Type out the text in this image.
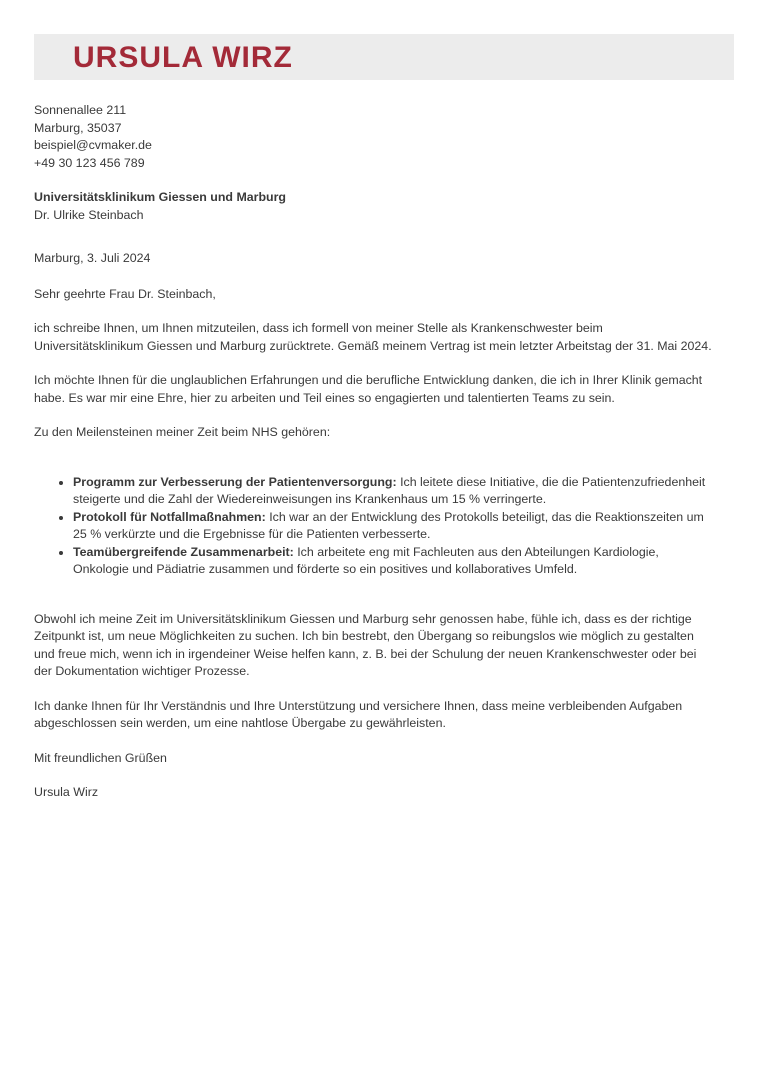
URSULA WIRZ

Sonnenallee 211

Marburg, 35037

beispiel@cvmaker.de

+49 30 123 456 789

Universitätsklinikum Giessen und Marburg

Dr. Ulrike Steinbach

Marburg, 3. Juli 2024

Sehr geehrte Frau Dr. Steinbach,

ich schreibe Ihnen, um Ihnen mitzuteilen, dass ich formell von meiner Stelle als Krankenschwester beim Universitätsklinikum Giessen und Marburg zurücktrete. Gemäß meinem Vertrag ist mein letzter Arbeitstag der 31. Mai 2024.

Ich möchte Ihnen für die unglaublichen Erfahrungen und die berufliche Entwicklung danken, die ich in Ihrer Klinik gemacht habe. Es war mir eine Ehre, hier zu arbeiten und Teil eines so engagierten und talentierten Teams zu sein.

Zu den Meilensteinen meiner Zeit beim NHS gehören:

• Programm zur Verbesserung der Patientenversorgung: Ich leitete diese Initiative, die die Patientenzufriedenheit steigerte und die Zahl der Wiedereinweisungen ins Krankenhaus um 15 % verringerte.
• Protokoll für Notfallmaßnahmen: Ich war an der Entwicklung des Protokolls beteiligt, das die Reaktionszeiten um 25 % verkürzte und die Ergebnisse für die Patienten verbesserte.
• Teamübergreifende Zusammenarbeit: Ich arbeitete eng mit Fachleuten aus den Abteilungen Kardiologie, Onkologie und Pädiatrie zusammen und förderte so ein positives und kollaboratives Umfeld.

Obwohl ich meine Zeit im Universitätsklinikum Giessen und Marburg sehr genossen habe, fühle ich, dass es der richtige Zeitpunkt ist, um neue Möglichkeiten zu suchen. Ich bin bestrebt, den Übergang so reibungslos wie möglich zu gestalten und freue mich, wenn ich in irgendeiner Weise helfen kann, z. B. bei der Schulung der neuen Krankenschwester oder bei der Dokumentation wichtiger Prozesse.

Ich danke Ihnen für Ihr Verständnis und Ihre Unterstützung und versichere Ihnen, dass meine verbleibenden Aufgaben abgeschlossen sein werden, um eine nahtlose Übergabe zu gewährleisten.

Mit freundlichen Grüßen

Ursula Wirz
